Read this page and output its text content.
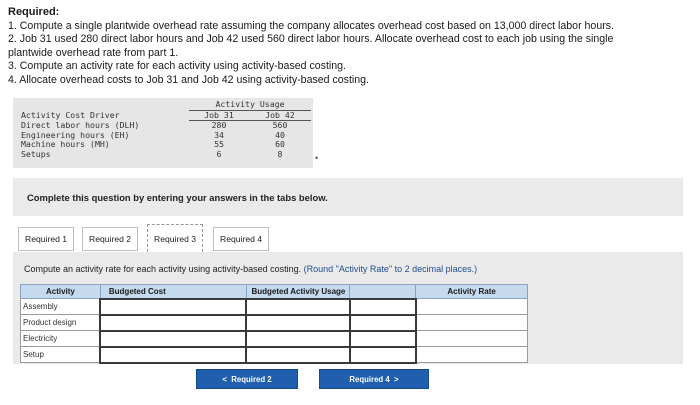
Required:
1. Compute a single plantwide overhead rate assuming the company allocates overhead cost based on 13,000 direct labor hours.
2. Job 31 used 280 direct labor hours and Job 42 used 560 direct labor hours. Allocate overhead cost to each job using the single
plantwide overhead rate from part 1.
3. Compute an activity rate for each activity using activity-based costing.
4. Allocate overhead costs to Job 31 and Job 42 using activity-based costing.
	Activity Usage	
Activity Cost Driver	Job 31	Job 42
Direct labor hours (DLH)	280	560
Engineering hours (EH)	34	40
Machine hours (MH)	55	60
Setups	6	8	•
Complete this question by entering your answers in the tabs below.
Required 1	Required 2	Required 3	Required 4
Compute an activity rate for each activity using activity-based costing. (Round "Activity Rate" to 2 decimal places.)
Activity	Budgeted Cost	Budgeted Activity Usage		Activity Rate
Assembly				
Product design				
Electricity				
Setup				
< Required 2	Required 4 >
